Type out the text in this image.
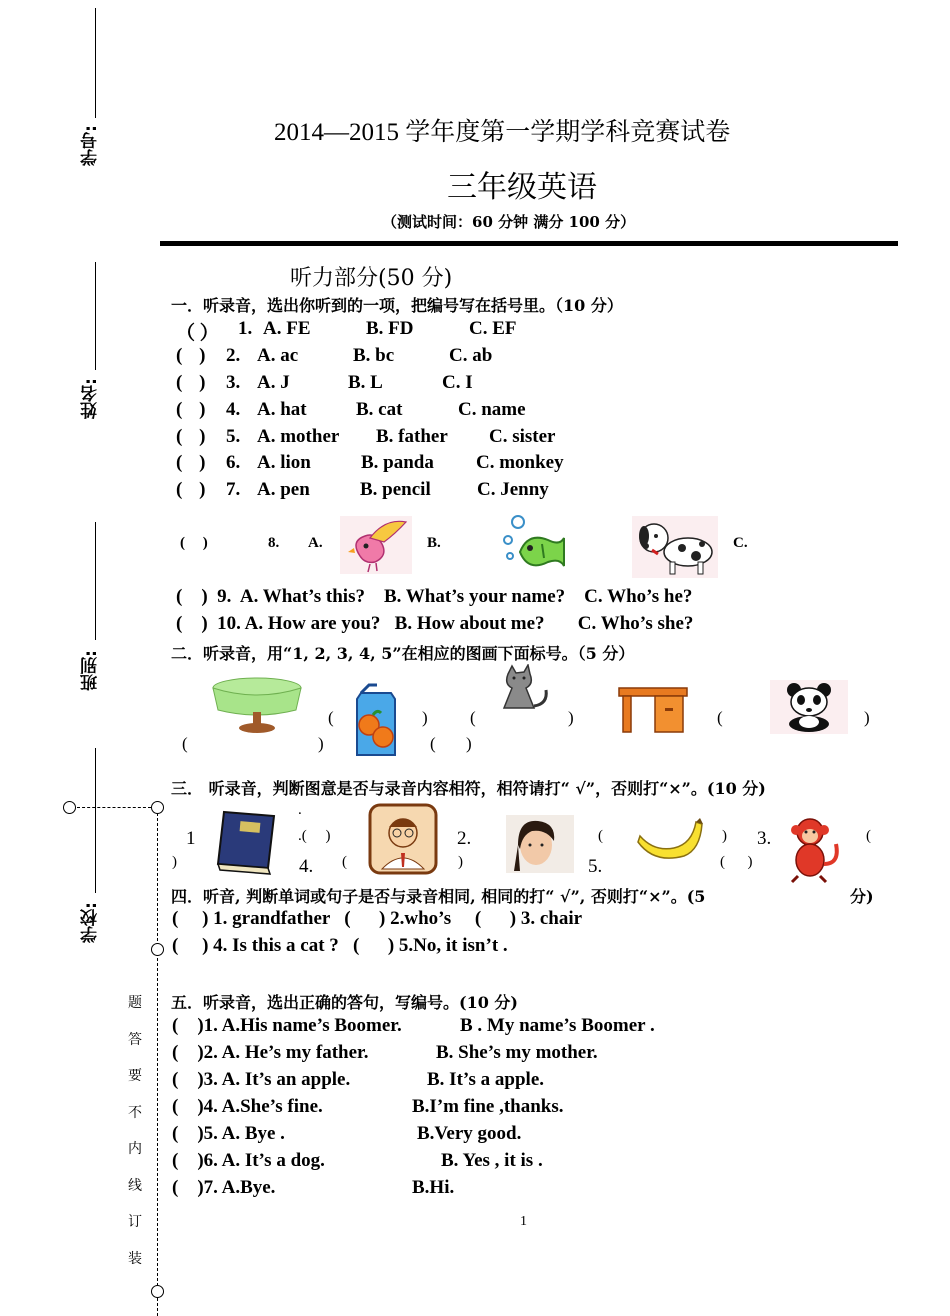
学号:
姓名:
班别:
学校:
题
答
要
不
内
线
订
装
2014—2015 学年度第一学期学科竞赛试卷
三年级英语
（测试时间：60 分钟 满分 100 分）
听力部分(50 分)
一．听录音，选出你听到的一项，把编号写在括号里。（10 分）
（ ） 1. A. FE	B. FD	C. EF
( ) 2. A. ac	B. bc	C. ab
( ) 3. A. J	B. L	C. I
( ) 4. A. hat	B. cat	C. name
( ) 5. A. mother B. father C. sister
( ) 6. A. lion	B. panda C. monkey
( ) 7. A. pen	B. pencil C. Jenny
( )	8. A.	B.	C.
(    )  9.  A. What’s this?    B. What’s your name?    C. Who’s he?
(    )  10. A. How are you?   B. How about me?       C. Who’s she?
二．听录音，用“1, 2, 3, 4, 5”在相应的图画下面标号。（5 分）
(	)
(	)
( )
(	)	(	)
三． 听录音，判断图意是否与录音内容相符，相符请打“ √”，否则打“×”。(10 分)
.
1
)
.(     )
4. (
2.
)	5.
(	)
(      )
3.	(
四．听音, 判断单词或句子是否与录音相同, 相同的打“ √”, 否则打“×”。(5	分)
(     ) 1. grandfather   (      ) 2.who’s     (      ) 3. chair
(     ) 4. Is this a cat ?   (      ) 5.No, it isn’t .
五．听录音，选出正确的答句，写编号。(10 分)
(    )1. A.His name’s Boomer.	B . My name’s Boomer .
(    )2. A. He’s my father.	B. She’s my mother.
(    )3. A. It’s an apple.	B. It’s a apple.
(    )4. A.She’s fine.	B.I’m fine ,thanks.
(    )5. A. Bye .	B.Very good.
(    )6. A. It’s a dog.	B. Yes , it is .
(    )7. A.Bye.	B.Hi.
1
